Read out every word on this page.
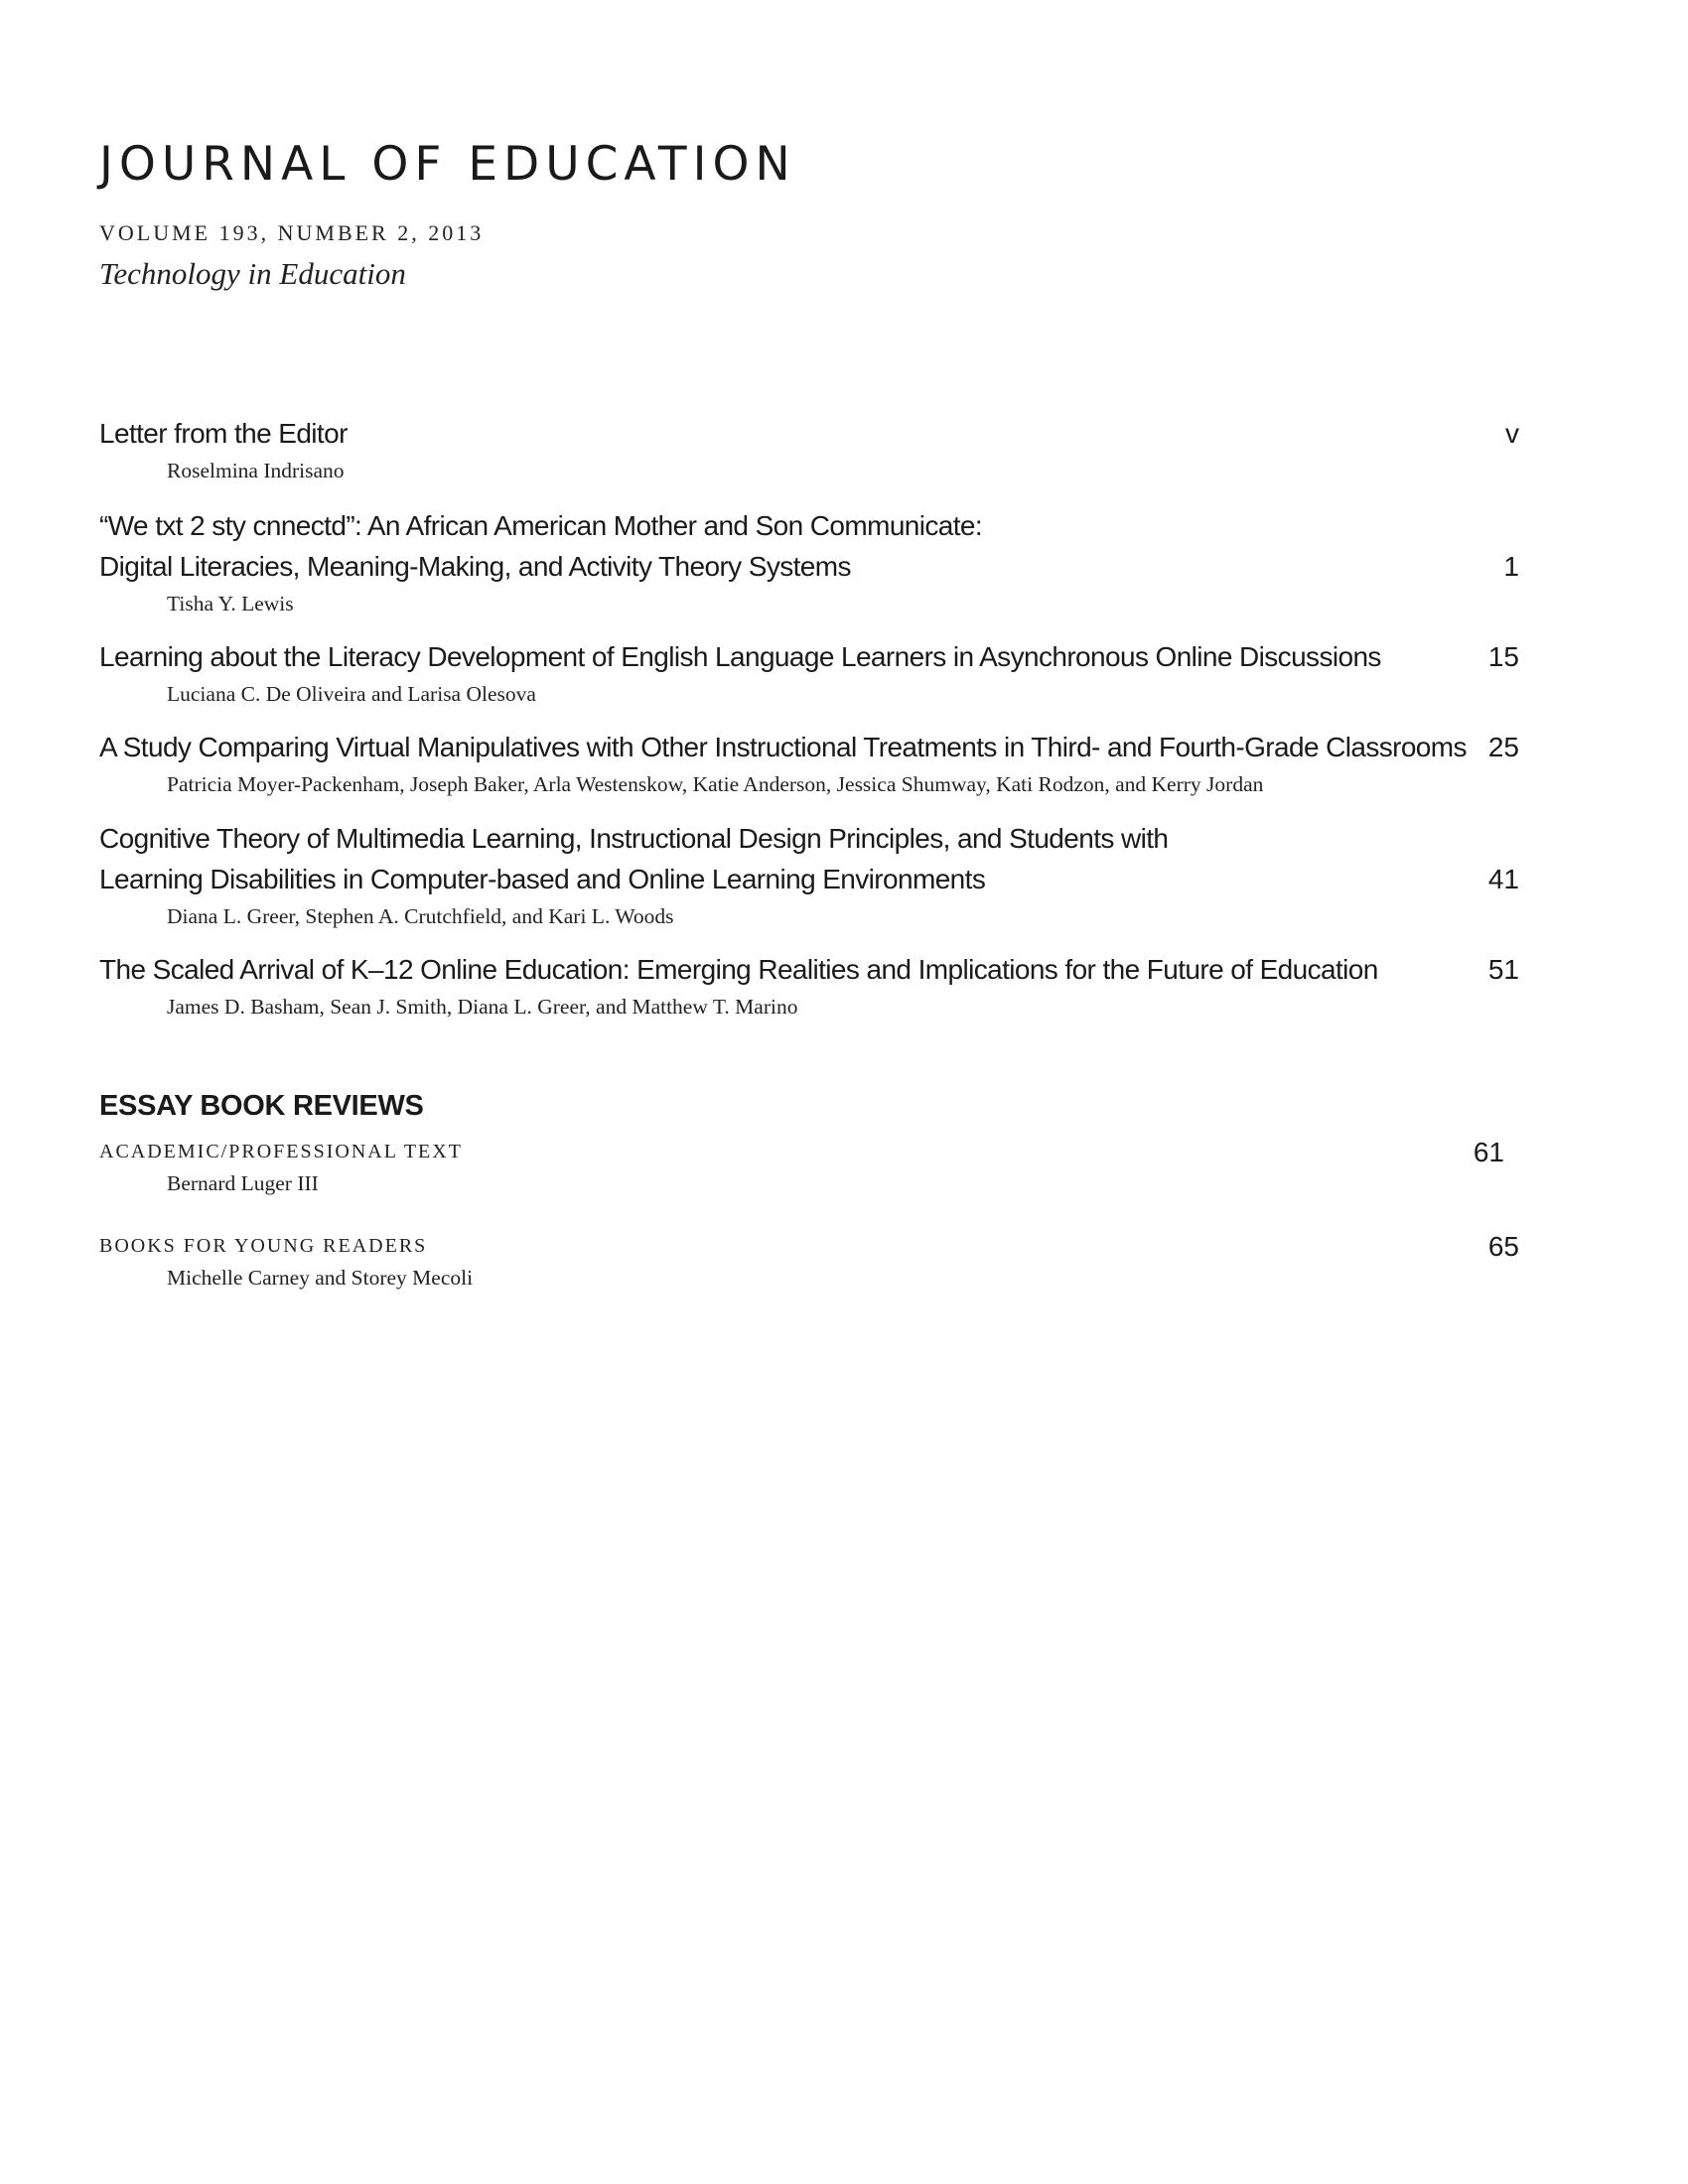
JOURNAL OF EDUCATION
VOLUME 193, NUMBER 2, 2013
Technology in Education
Letter from the Editor
Roselmina Indrisano
v
“We txt 2 sty cnnectd”: An African American Mother and Son Communicate:
Digital Literacies, Meaning-Making, and Activity Theory Systems
Tisha Y. Lewis
1
Learning about the Literacy Development of English Language Learners in Asynchronous Online Discussions
Luciana C. De Oliveira and Larisa Olesova
15
A Study Comparing Virtual Manipulatives with Other Instructional Treatments in Third- and Fourth-Grade Classrooms
Patricia Moyer-Packenham, Joseph Baker, Arla Westenskow, Katie Anderson, Jessica Shumway, Kati Rodzon, and Kerry Jordan
25
Cognitive Theory of Multimedia Learning, Instructional Design Principles, and Students with
Learning Disabilities in Computer-based and Online Learning Environments
Diana L. Greer, Stephen A. Crutchfield, and Kari L. Woods
41
The Scaled Arrival of K–12 Online Education: Emerging Realities and Implications for the Future of Education
James D. Basham, Sean J. Smith, Diana L. Greer, and Matthew T. Marino
51
ESSAY BOOK REVIEWS
ACADEMIC/PROFESSIONAL TEXT
Bernard Luger III
61
BOOKS FOR YOUNG READERS
Michelle Carney and Storey Mecoli
65
